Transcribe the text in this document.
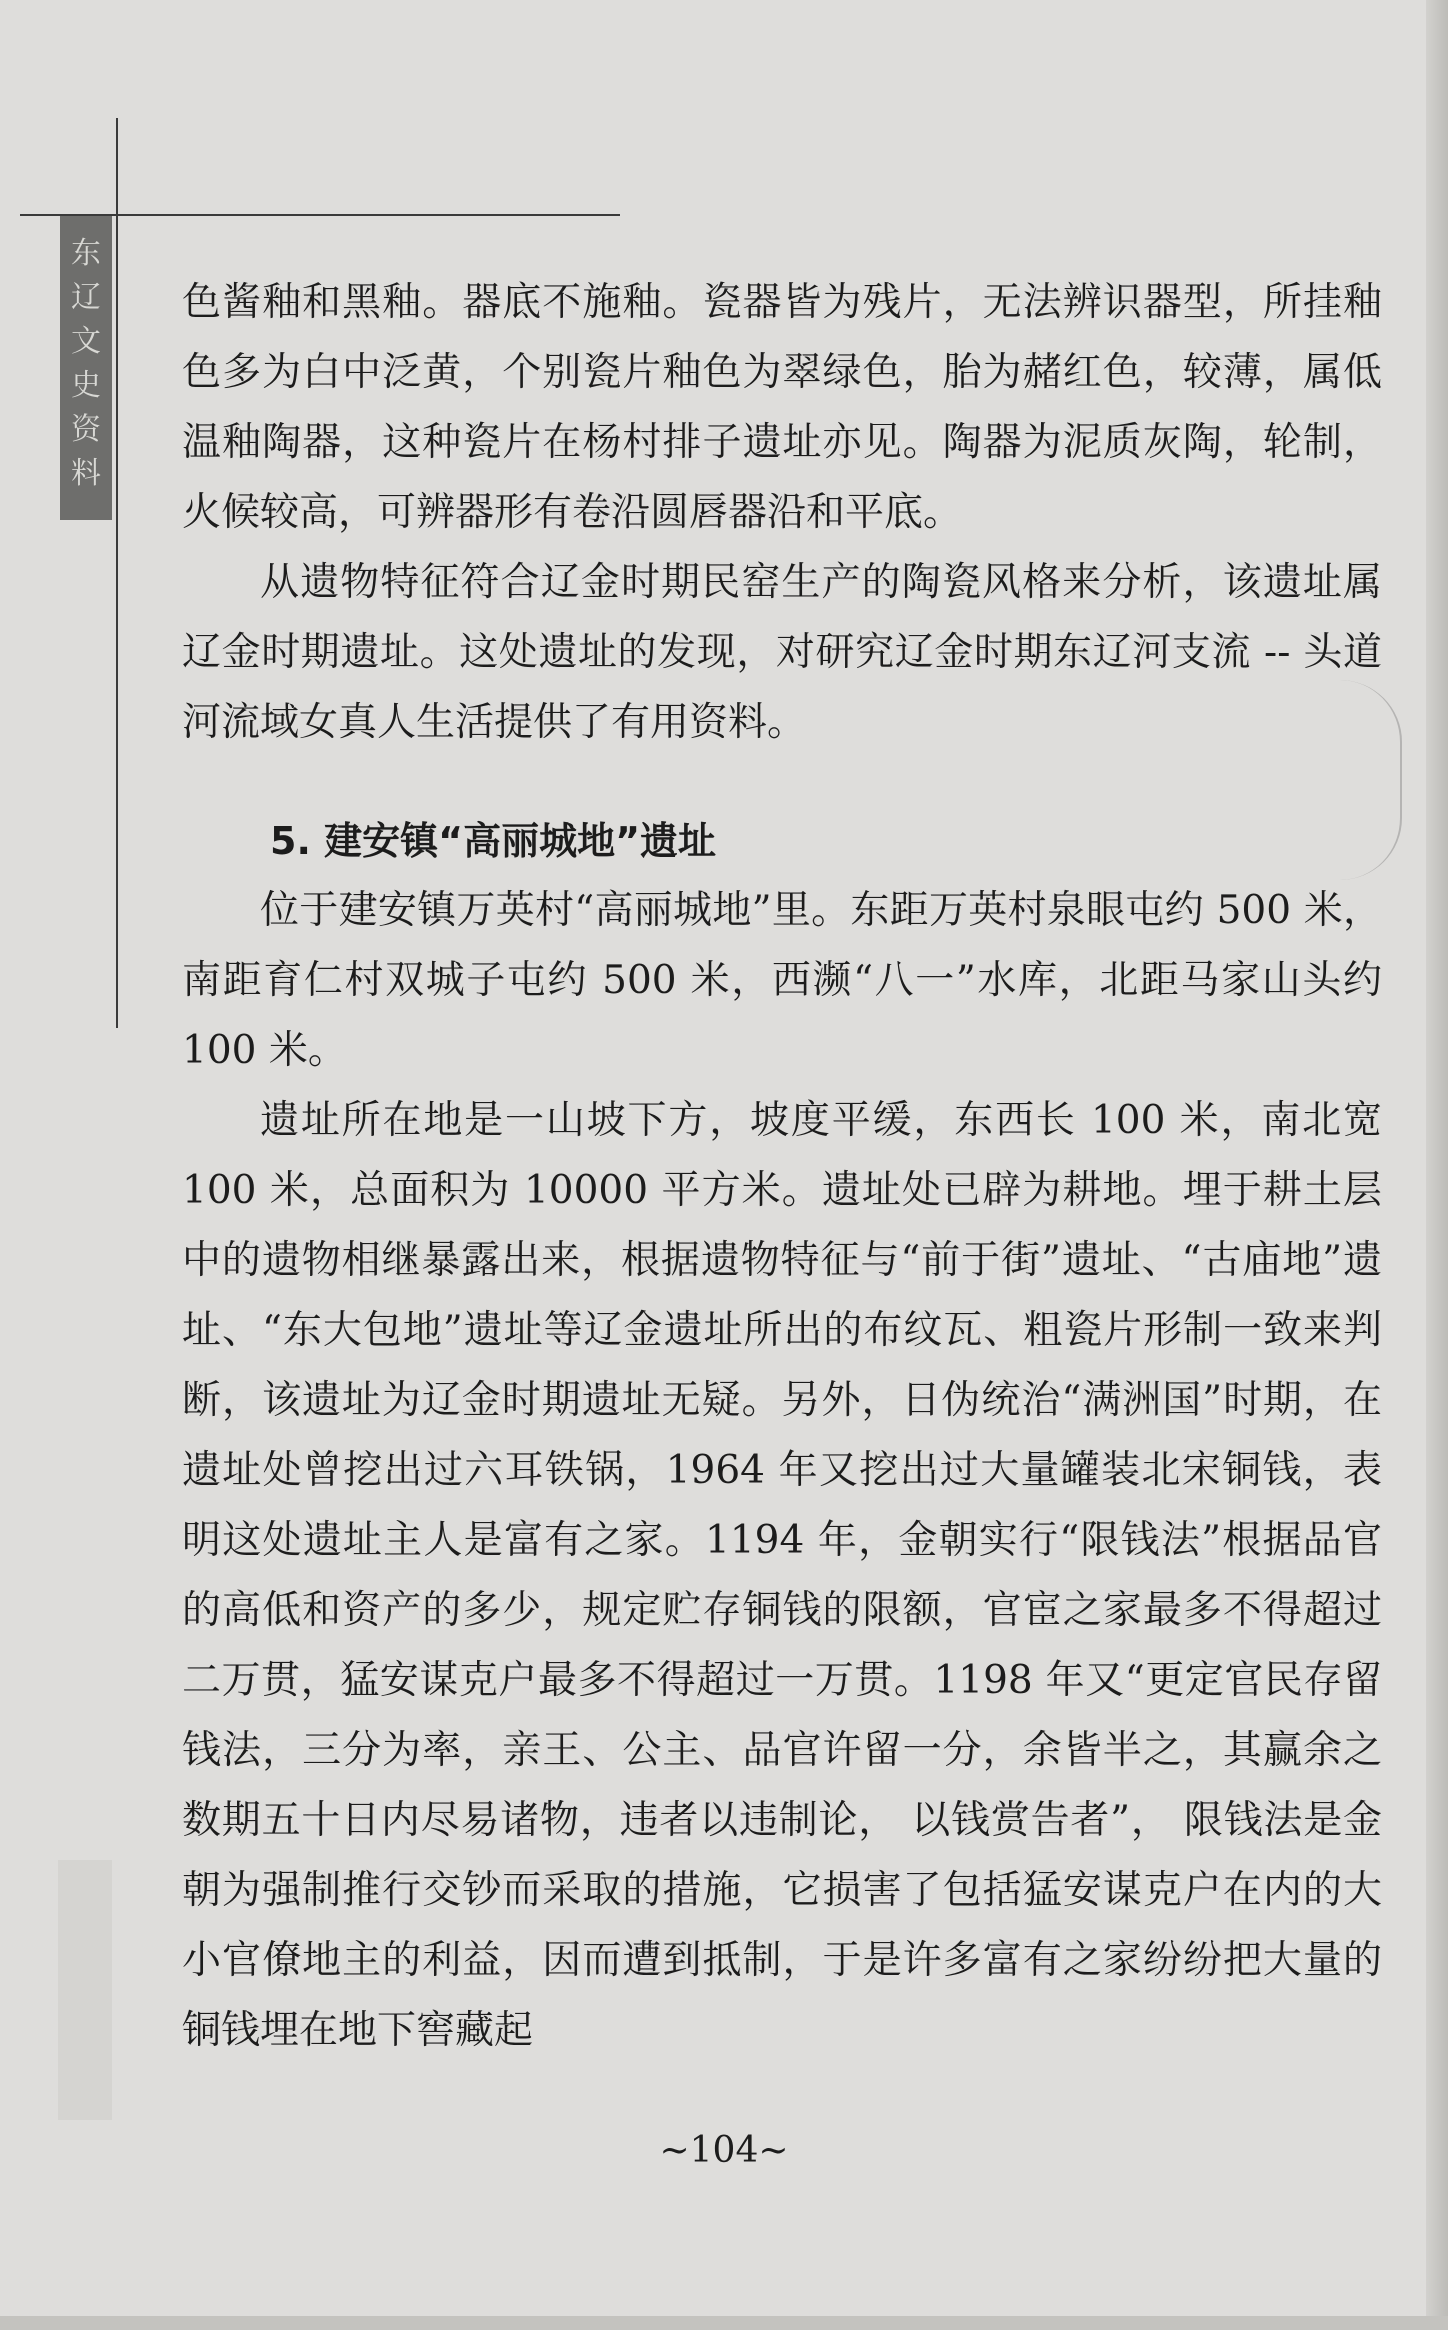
东
辽
文
史
资
料

色酱釉和黑釉。器底不施釉。瓷器皆为残片，无法辨识器型，所挂釉色多为白中泛黄，个别瓷片釉色为翠绿色，胎为赭红色，较薄，属低温釉陶器，这种瓷片在杨村排子遗址亦见。陶器为泥质灰陶，轮制，火候较高，可辨器形有卷沿圆唇器沿和平底。

从遗物特征符合辽金时期民窑生产的陶瓷风格来分析，该遗址属辽金时期遗址。这处遗址的发现，对研究辽金时期东辽河支流 -- 头道河流域女真人生活提供了有用资料。

5. 建安镇“高丽城地”遗址

位于建安镇万英村“高丽城地”里。东距万英村泉眼屯约 500 米，南距育仁村双城子屯约 500 米，西濒“八一”水库，北距马家山头约 100 米。

遗址所在地是一山坡下方，坡度平缓，东西长 100 米，南北宽 100 米，总面积为 10000 平方米。遗址处已辟为耕地。埋于耕土层中的遗物相继暴露出来，根据遗物特征与“前于街”遗址、“古庙地”遗址、“东大包地”遗址等辽金遗址所出的布纹瓦、粗瓷片形制一致来判断，该遗址为辽金时期遗址无疑。另外，日伪统治“满洲国”时期，在遗址处曾挖出过六耳铁锅，1964 年又挖出过大量罐装北宋铜钱，表明这处遗址主人是富有之家。1194 年，金朝实行“限钱法”根据品官的高低和资产的多少，规定贮存铜钱的限额，官宦之家最多不得超过二万贯，猛安谋克户最多不得超过一万贯。1198 年又“更定官民存留钱法，三分为率，亲王、公主、品官许留一分，余皆半之，其赢余之数期五十日内尽易诸物，违者以违制论， 以钱赏告者”， 限钱法是金朝为强制推行交钞而采取的措施，它损害了包括猛安谋克户在内的大小官僚地主的利益，因而遭到抵制，于是许多富有之家纷纷把大量的铜钱埋在地下窖藏起

~104~
